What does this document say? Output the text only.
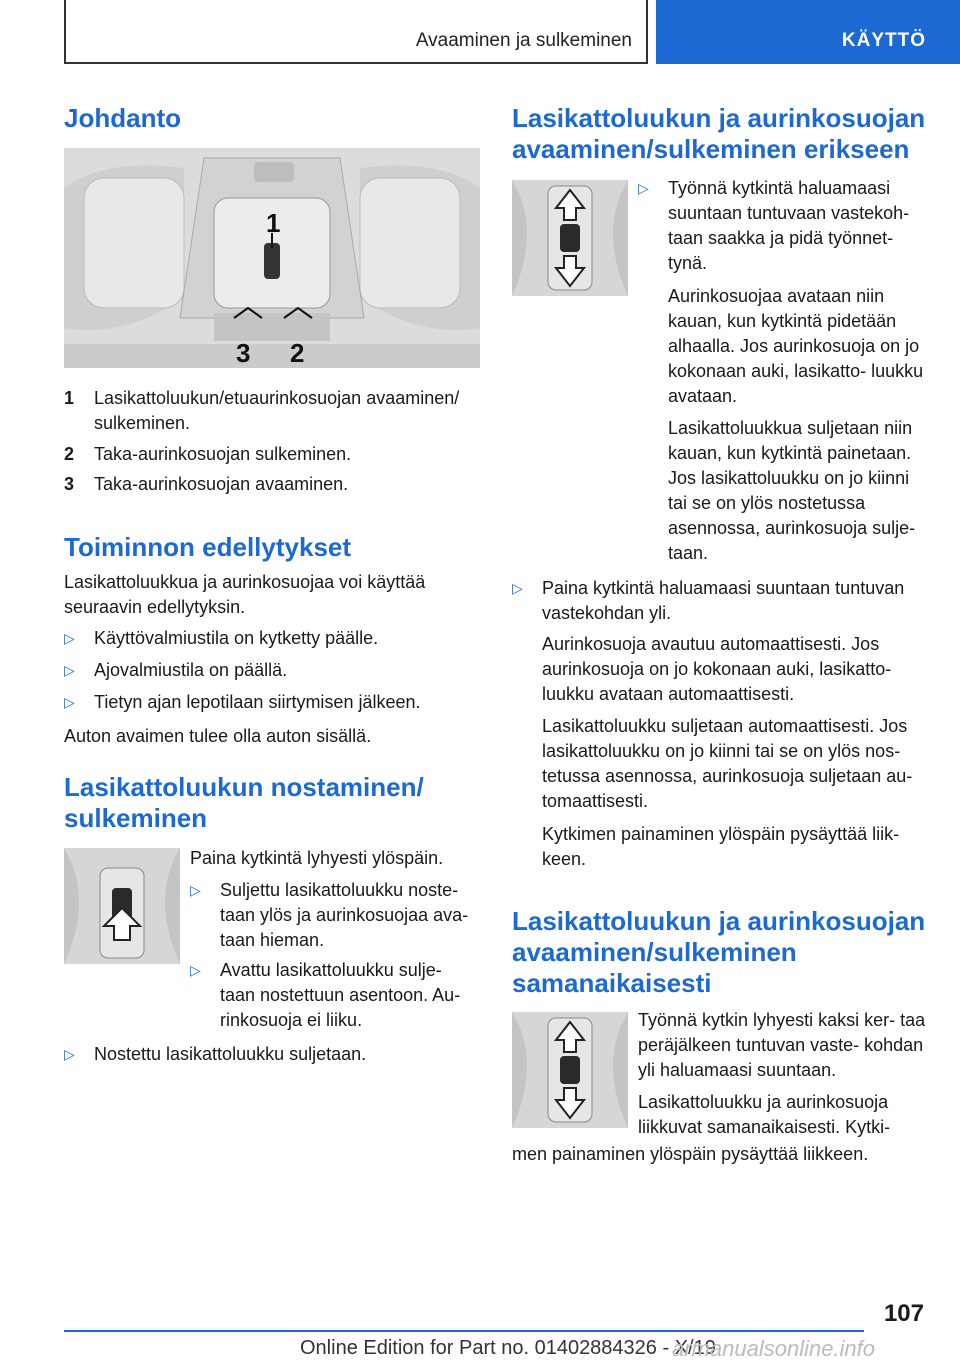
Avaaminen ja sulkeminen	KÄYTTÖ
Johdanto
1
3 2
1	Lasikattoluukun/etuaurinkosuojan avaaminen/ sulkeminen.
2	Taka-aurinkosuojan sulkeminen.
3	Taka-aurinkosuojan avaaminen.
Toiminnon edellytykset
Lasikattoluukkua ja aurinkosuojaa voi käyttää seuraavin edellytyksin.
▷	Käyttövalmiustila on kytketty päälle.
▷	Ajovalmiustila on päällä.
▷	Tietyn ajan lepotilaan siirtymisen jälkeen.
Auton avaimen tulee olla auton sisällä.
Lasikattoluukun nostaminen/
sulkeminen
Paina kytkintä lyhyesti ylöspäin.
▷	Suljettu lasikattoluukku noste- taan ylös ja aurinkosuojaa ava- taan hieman.
▷	Avattu lasikattoluukku sulje- taan nostettuun asentoon. Au- rinkosuoja ei liiku.
▷	Nostettu lasikattoluukku suljetaan.
Lasikattoluukun ja aurinkosuojan
avaaminen/sulkeminen erikseen
▷	Työnnä kytkintä haluamaasi suuntaan tuntuvaan vastekoh- taan saakka ja pidä työnnet- tynä.
Aurinkosuojaa avataan niin kauan, kun kytkintä pidetään alhaalla. Jos aurinkosuoja on jo kokonaan auki, lasikatto- luukku avataan.
Lasikattoluukkua suljetaan niin kauan, kun kytkintä painetaan. Jos lasikattoluukku on jo kiinni tai se on ylös nostetussa asennossa, aurinkosuoja sulje- taan.
▷	Paina kytkintä haluamaasi suuntaan tuntuvan vastekohdan yli.
Aurinkosuoja avautuu automaattisesti. Jos aurinkosuoja on jo kokonaan auki, lasikatto- luukku avataan automaattisesti.
Lasikattoluukku suljetaan automaattisesti. Jos lasikattoluukku on jo kiinni tai se on ylös nos- tetussa asennossa, aurinkosuoja suljetaan au- tomaattisesti.
Kytkimen painaminen ylöspäin pysäyttää liik- keen.
Lasikattoluukun ja aurinkosuojan
avaaminen/sulkeminen
samanaikaisesti
Työnnä kytkin lyhyesti kaksi ker- taa peräjälkeen tuntuvan vaste- kohdan yli haluamaasi suuntaan.
Lasikattoluukku ja aurinkosuoja liikkuvat samanaikaisesti. Kytki-
men painaminen ylöspäin pysäyttää liikkeen.
107
Online Edition for Part no. 01402884326 - X/19
armanualsonline.info
